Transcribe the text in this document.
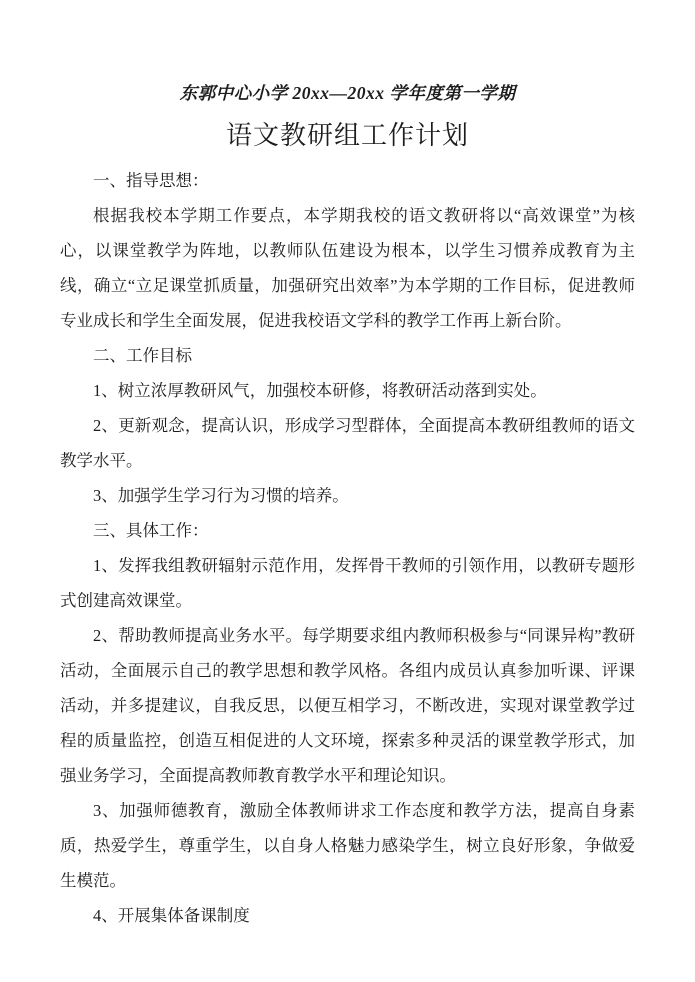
东郭中心小学 20xx—20xx 学年度第一学期
语文教研组工作计划

一、指导思想：

根据我校本学期工作要点，本学期我校的语文教研将以“高效课堂”为核心，以课堂教学为阵地，以教师队伍建设为根本，以学生习惯养成教育为主线，确立“立足课堂抓质量，加强研究出效率”为本学期的工作目标，促进教师专业成长和学生全面发展，促进我校语文学科的教学工作再上新台阶。

二、工作目标

1、树立浓厚教研风气，加强校本研修，将教研活动落到实处。

2、更新观念，提高认识，形成学习型群体，全面提高本教研组教师的语文教学水平。

3、加强学生学习行为习惯的培养。

三、具体工作：

1、发挥我组教研辐射示范作用，发挥骨干教师的引领作用，以教研专题形式创建高效课堂。

2、帮助教师提高业务水平。每学期要求组内教师积极参与“同课异构”教研活动，全面展示自己的教学思想和教学风格。各组内成员认真参加听课、评课活动，并多提建议，自我反思，以便互相学习，不断改进，实现对课堂教学过程的质量监控，创造互相促进的人文环境，探索多种灵活的课堂教学形式，加强业务学习，全面提高教师教育教学水平和理论知识。

3、加强师德教育，激励全体教师讲求工作态度和教学方法，提高自身素质，热爱学生，尊重学生，以自身人格魅力感染学生，树立良好形象，争做爱生模范。

4、开展集体备课制度
